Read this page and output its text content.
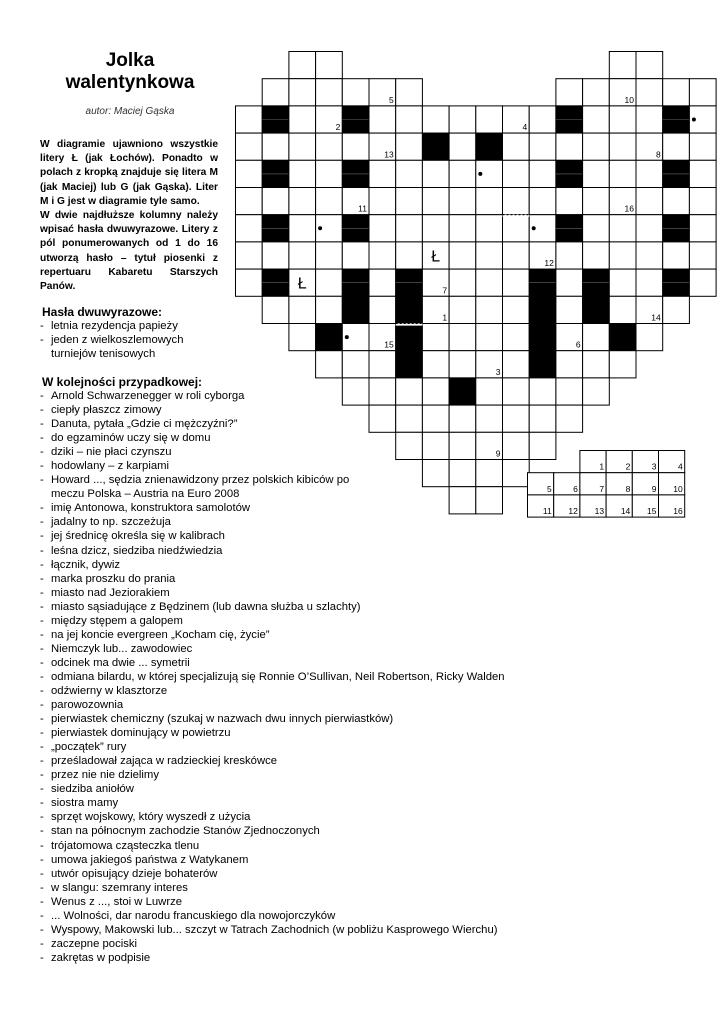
Jolka
walentynkowa
autor: Maciej Gąska

W diagramie ujawniono wszystkie litery Ł (jak Łochów). Ponadto w polach z kropką znajduje się litera M (jak Maciej) lub G (jak Gąska). Liter M i G jest w diagramie tyle samo.

W dwie najdłuższe kolumny należy wpisać hasła dwuwyrazowe. Litery z pól ponumerowanych od 1 do 16 utworzą hasło – tytuł piosenki z repertuaru Kabaretu Starszych Panów.

Hasła dwuwyrazowe:
- letnia rezydencja papieży
- jeden z wielkoszlemowych turniejów tenisowych
W kolejności przypadkowej:
- Arnold Schwarzenegger w roli cyborga
- ciepły płaszcz zimowy
- Danuta, pytała „Gdzie ci mężczyźni?”
- do egzaminów uczy się w domu
- dziki – nie płaci czynszu
- hodowlany – z karpiami
- Howard ..., sędzia znienawidzony przez polskich kibiców po meczu Polska – Austria na Euro 2008
- imię Antonowa, konstruktora samolotów
- jadalny to np. szczeżuja
- jej średnicę określa się w kalibrach
- leśna dzicz, siedziba niedźwiedzia
- łącznik, dywiz
- marka proszku do prania
- miasto nad Jeziorakiem
- miasto sąsiadujące z Będzinem (lub dawna służba u szlachty)
- między stępem a galopem
- na jej koncie evergreen „Kocham cię, życie”
- Niemczyk lub... zawodowiec
- odcinek ma dwie ... symetrii
- odmiana bilardu, w której specjalizują się Ronnie O’Sullivan, Neil Robertson, Ricky Walden
- odźwierny w klasztorze
- parowozownia
- pierwiastek chemiczny (szukaj w nazwach dwu innych pierwiastków)
- pierwiastek dominujący w powietrzu
- „początek” rury
- prześladował zająca w radzieckiej kreskówce
- przez nie nie dzielimy
- siedziba aniołów
- siostra mamy
- sprzęt wojskowy, który wyszedł z użycia
- stan na północnym zachodzie Stanów Zjednoczonych
- trójatomowa cząsteczka tlenu
- umowa jakiegoś państwa z Watykanem
- utwór opisujący dzieje bohaterów
- w slangu: szemrany interes
- Wenus z ..., stoi w Luwrze
- ... Wolności, dar narodu francuskiego dla nowojorczyków
- Wyspowy, Makowski lub... szczyt w Tatrach Zachodnich (w pobliżu Kasprowego Wierchu)
- zaczepne pociski
- zakrętas w podpisie
5	10
2	4
13	8
11	16
12
7
1	14
15	6
3
9
Ł
Ł
1	2	3	4
5	6	7	8	9 10
11 12 13 14 15 16
